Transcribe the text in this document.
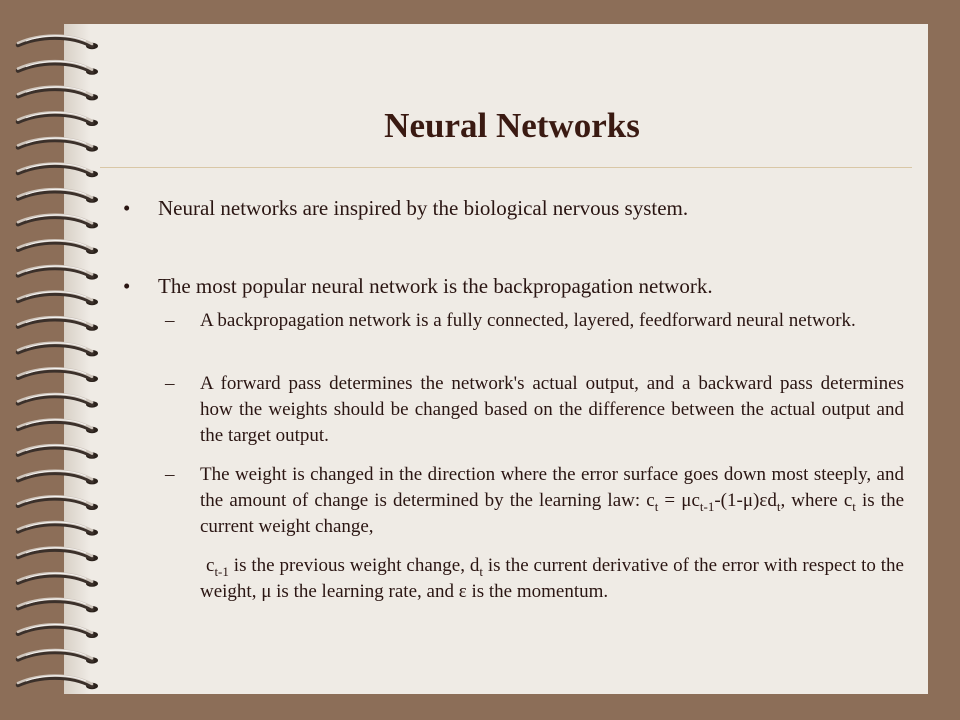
Neural Networks
• Neural networks are inspired by the biological nervous system.
• The most popular neural network is the backpropagation network.
– A backpropagation network is a fully connected, layered, feedforward neural network.
– A forward pass determines the network's actual output, and a backward pass determines how the weights should be changed based on the difference between the actual output and the target output.
– The weight is changed in the direction where the error surface goes down most steeply, and the amount of change is determined by the learning law: $c_t = \mu c_{t-1}-(1-\mu)\varepsilon d_t$, where $c_t$ is the current weight change,
$c_{t-1}$ is the previous weight change, $d_t$ is the current derivative of the error with respect to the weight, μ is the learning rate, and ε is the momentum.
